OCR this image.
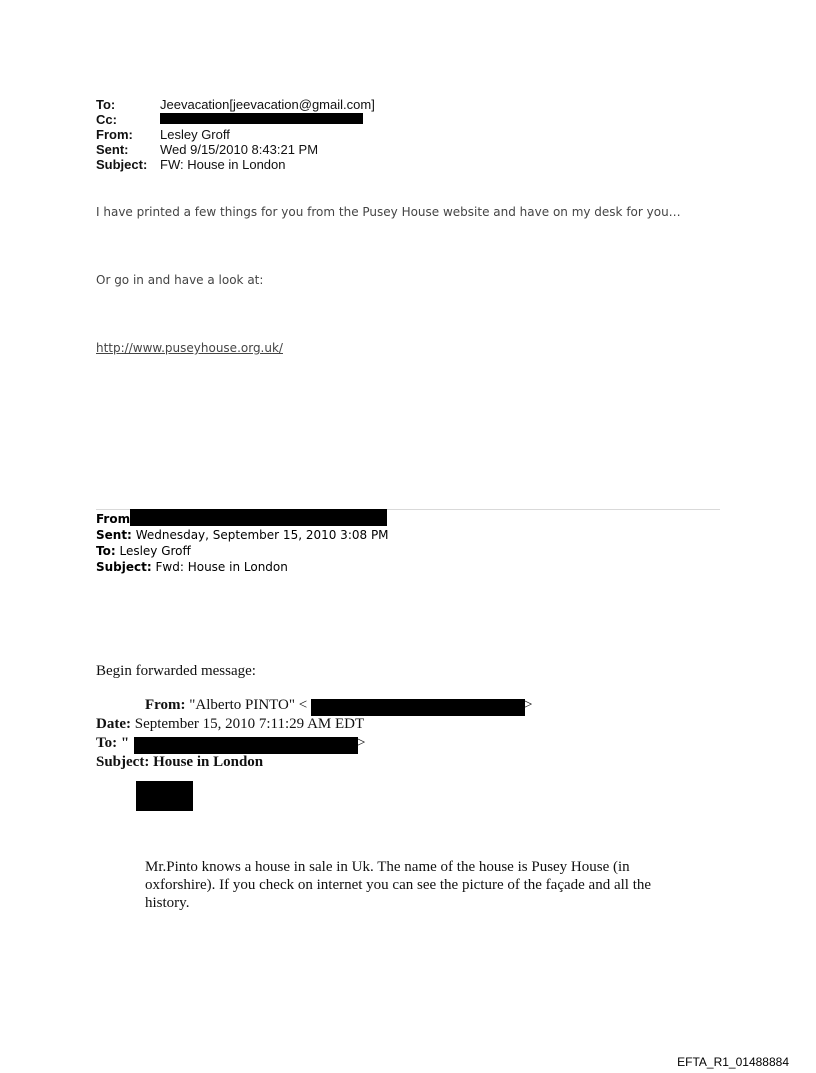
To:	Jeevacation[jeevacation@gmail.com]
Cc:
From: Lesley Groff
Sent: Wed 9/15/2010 8:43:21 PM
Subject: FW: House in London
I have printed a few things for you from the Pusey House website and have on my desk for you…
Or go in and have a look at:
http://www.puseyhouse.org.uk/
From
Sent: Wednesday, September 15, 2010 3:08 PM
To: Lesley Groff
Subject: Fwd: House in London
Begin forwarded message:
From: "Alberto PINTO" <	>
Date: September 15, 2010 7:11:29 AM EDT
To: "	>
Subject: House in London
Mr.Pinto knows a house in sale in Uk. The name of the house is Pusey House (in oxforshire). If you check on internet you can see the picture of the façade and all the history.
EFTA_R1_01488884
